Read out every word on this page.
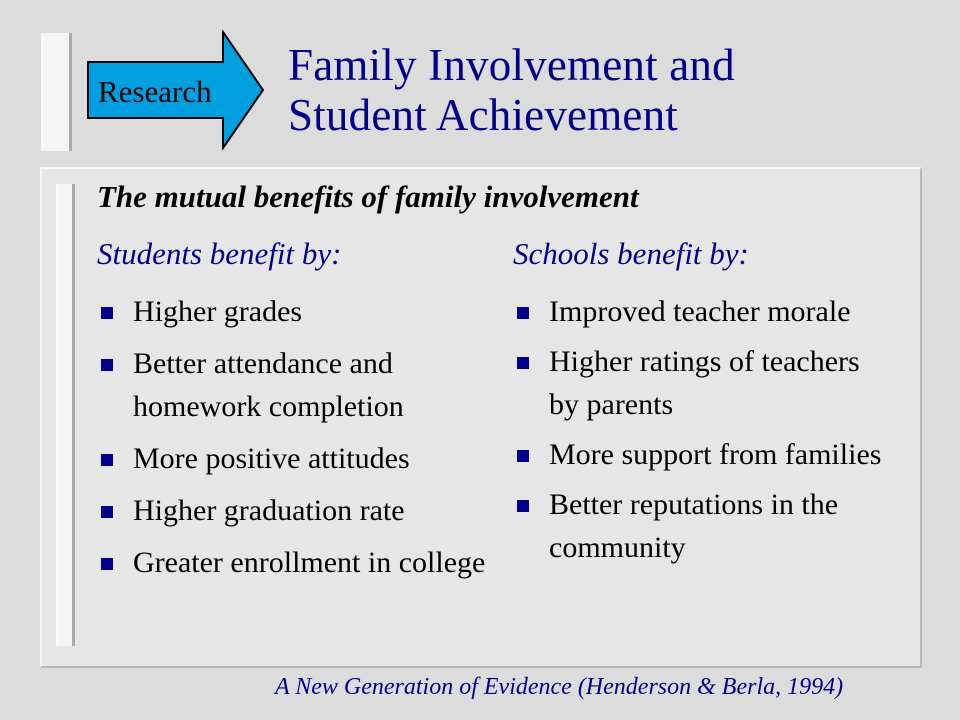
Research
Family Involvement and
Student Achievement
The mutual benefits of family involvement
Students benefit by:
Higher grades
Better attendance and homework completion
More positive attitudes
Higher graduation rate
Greater enrollment in college
Schools benefit by:
Improved teacher morale
Higher ratings of teachers by parents
More support from families
Better reputations in the community
A New Generation of Evidence (Henderson & Berla, 1994)
